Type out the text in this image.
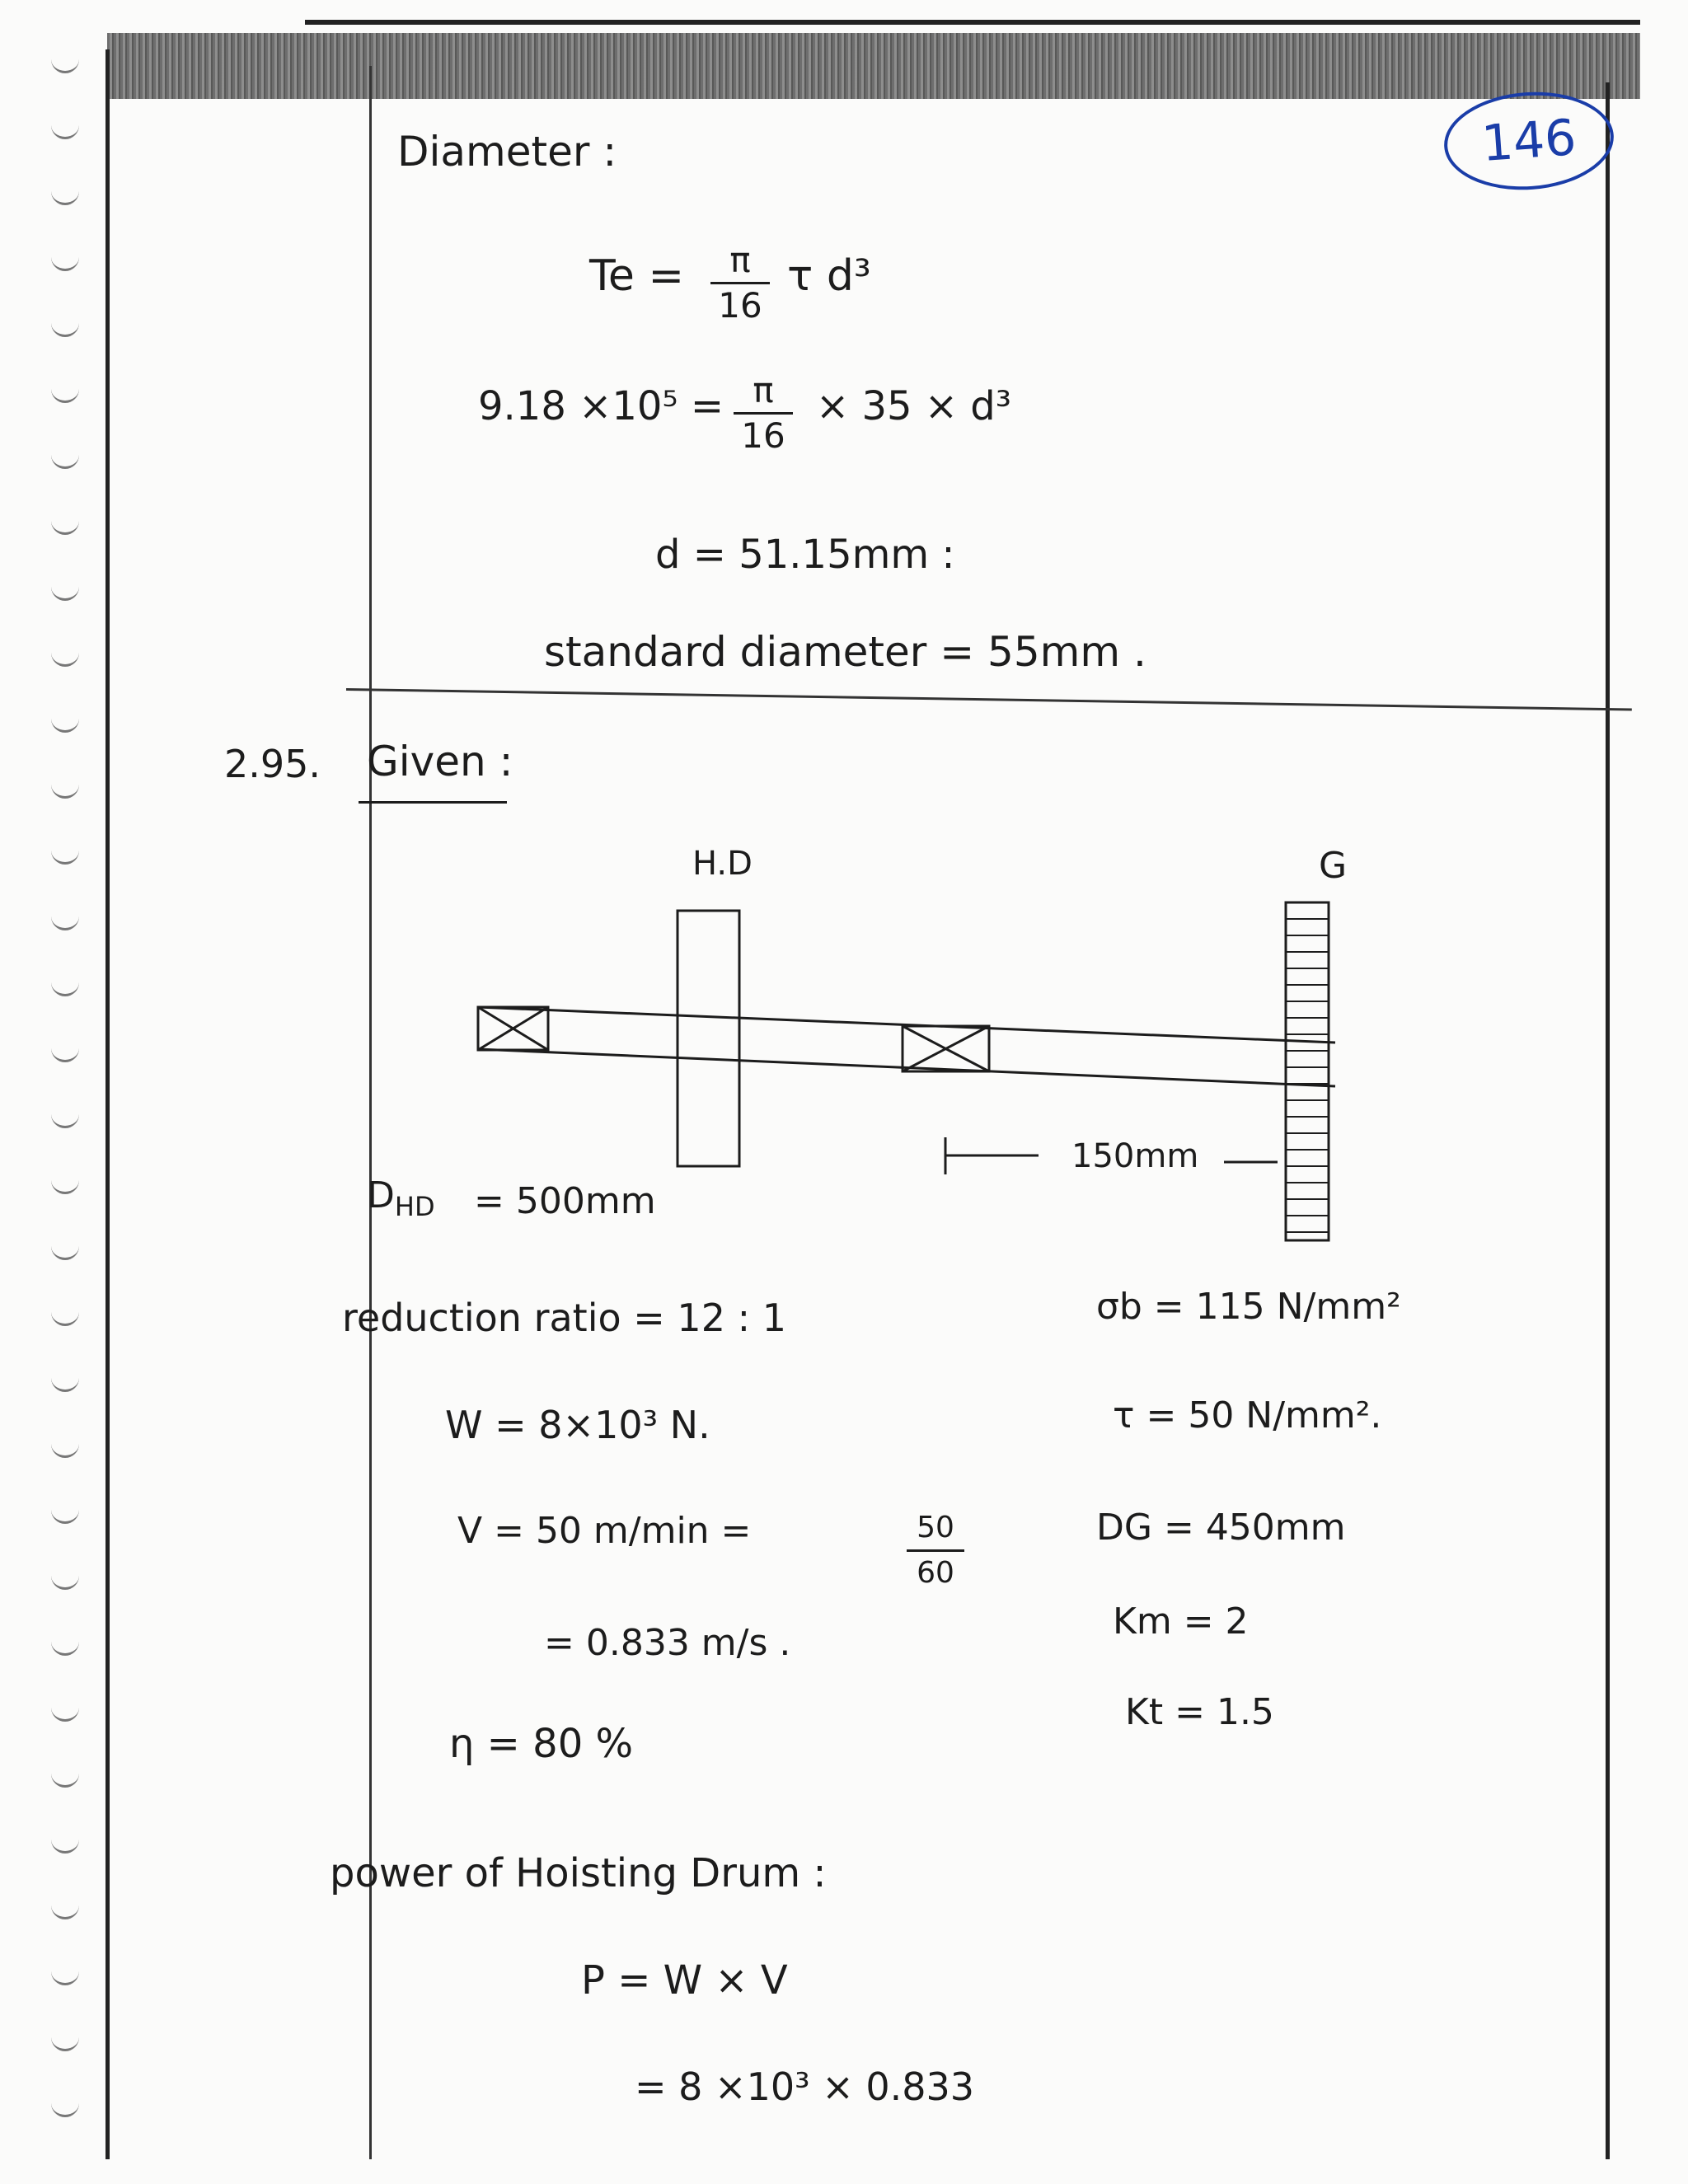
146
Diameter :
Te =	π
16
τ d³
9.18 ×10⁵ = π
16
× 35 × d³
d = 51.15mm :
standard diameter = 55mm .
2.95. Given :
H.D	G
150mm
$D_{HD} = 500mm$
reduction ratio = 12 : 1
W = 8×10³ N.
V = 50 m/min =	50
60
= 0.833 m/s .
η = 80 %
σb = 115 N/mm²
τ = 50 N/mm².
DG = 450mm
Km = 2
Kt = 1.5
power of Hoisting Drum :
P = W × V
= 8 ×10³ × 0.833
